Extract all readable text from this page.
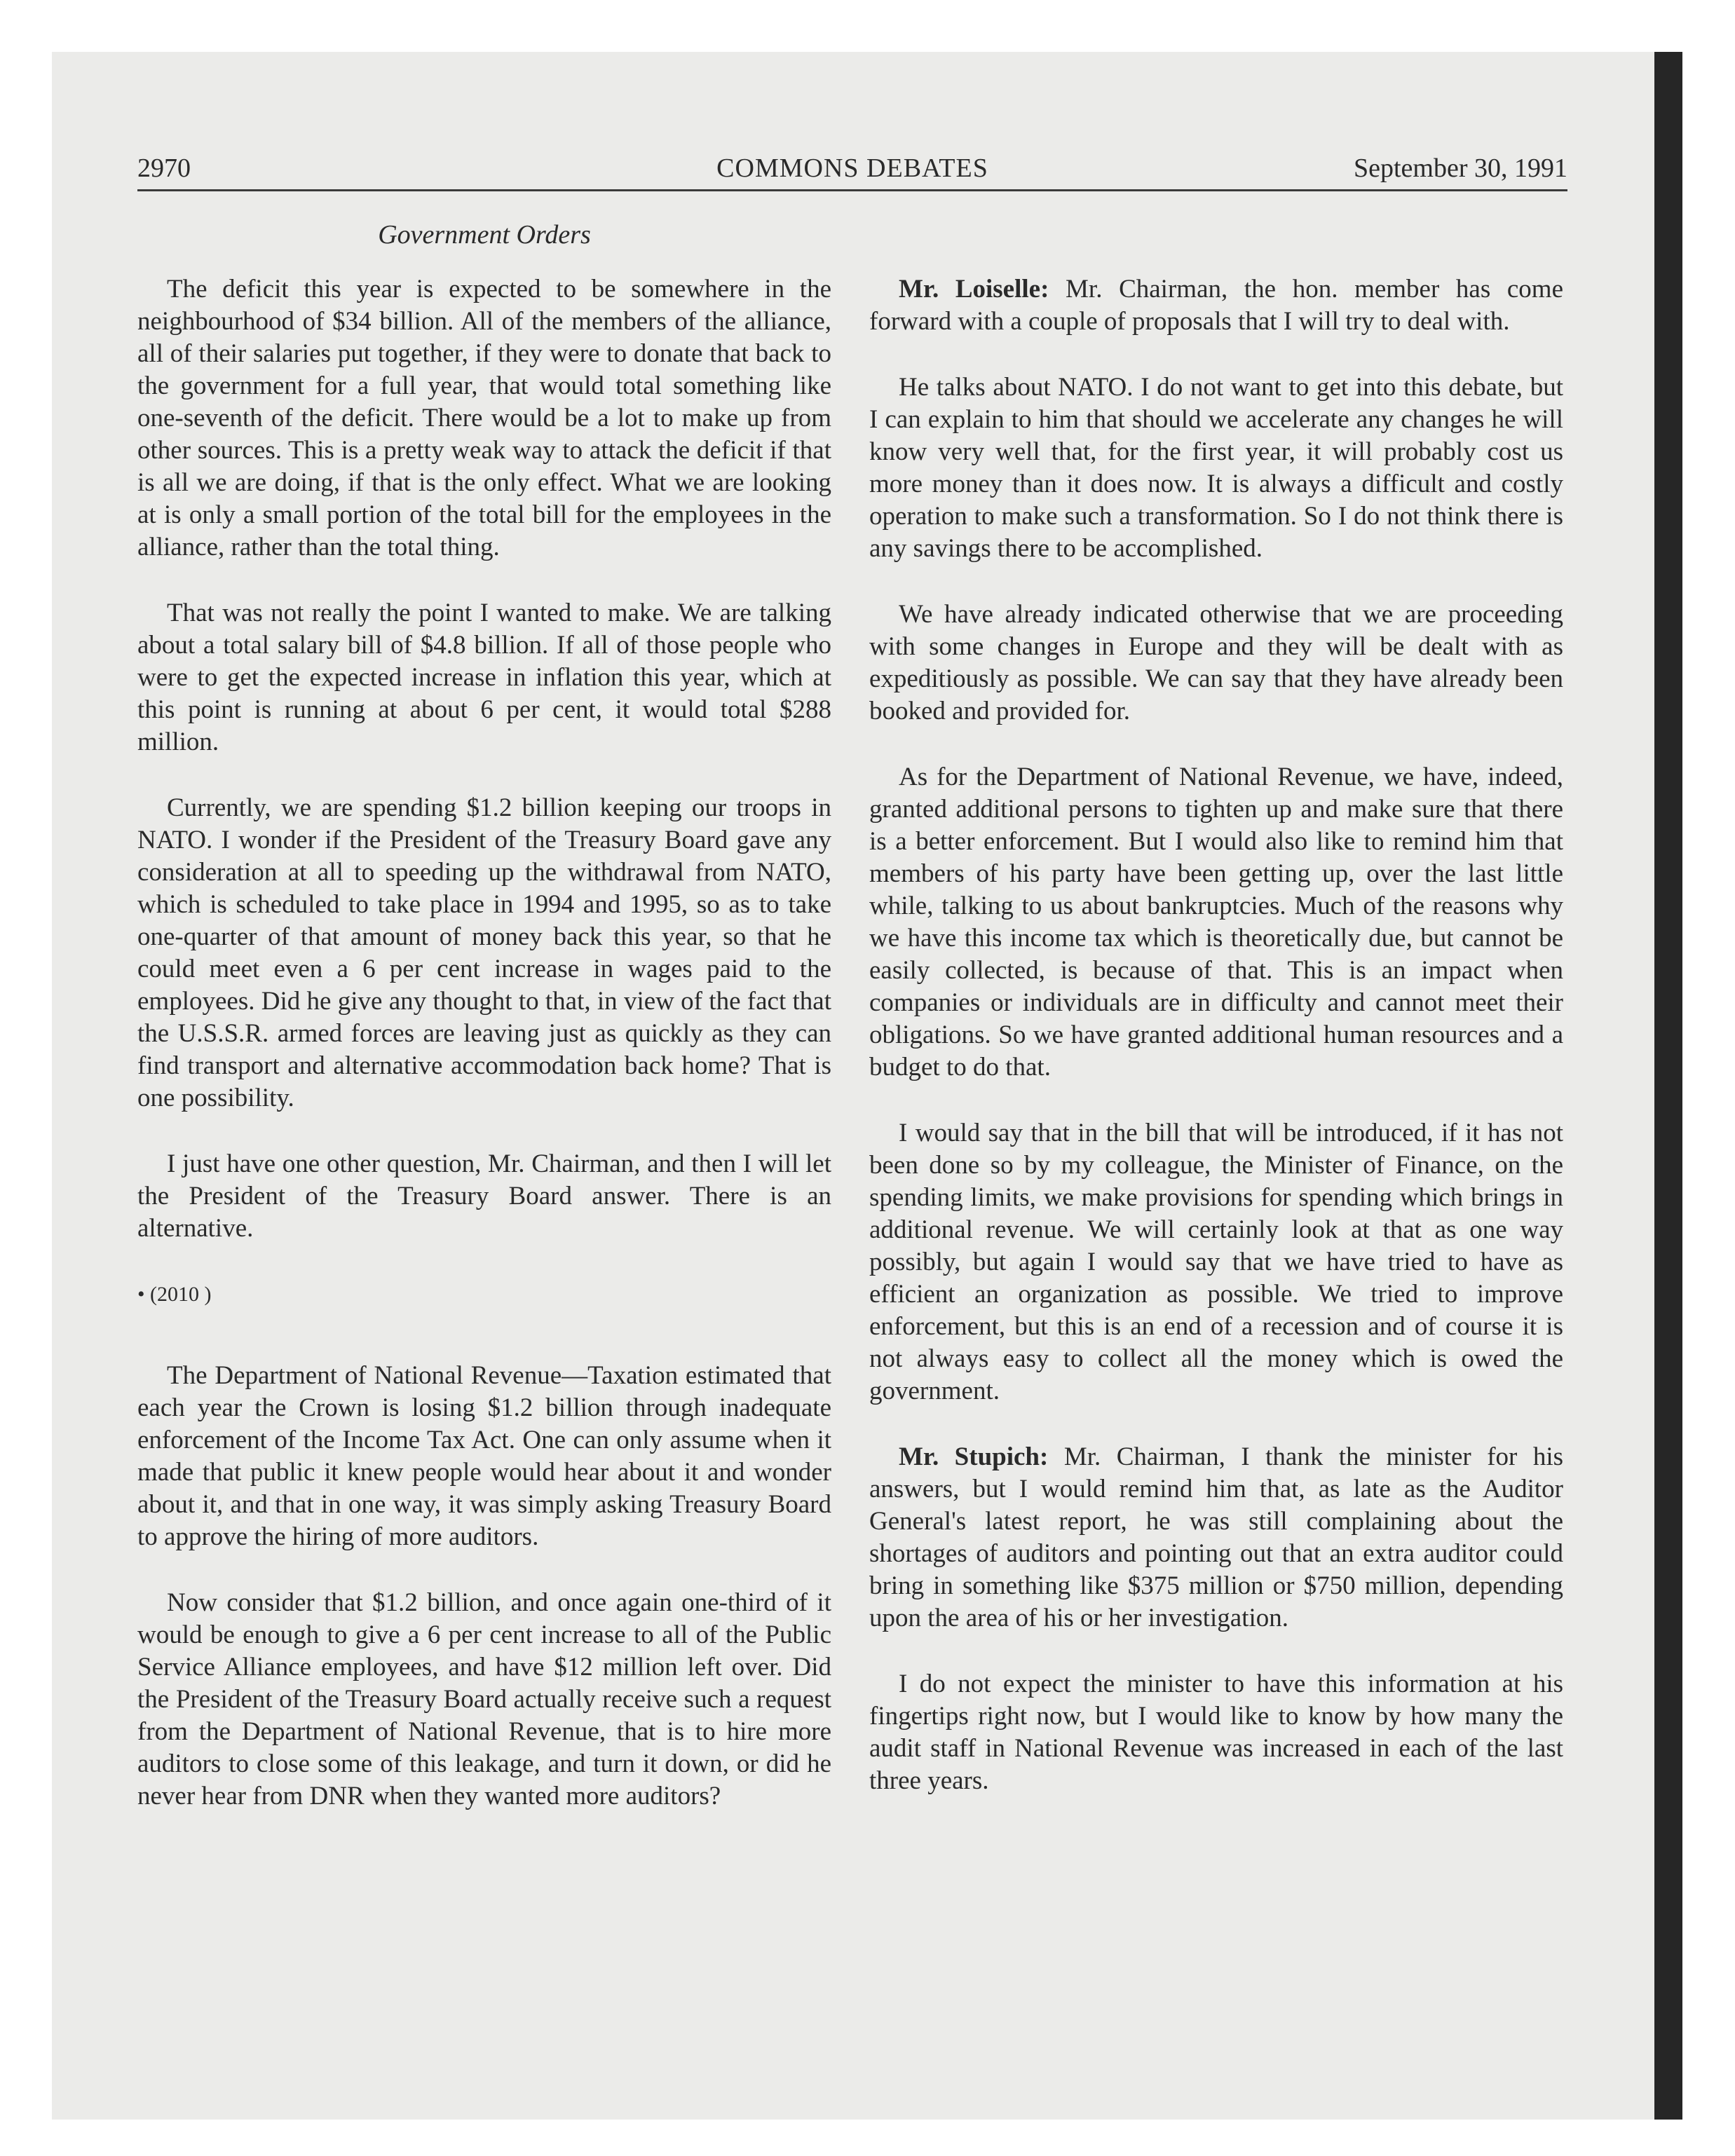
2970	COMMONS DEBATES	September 30, 1991
Government Orders

The deficit this year is expected to be somewhere in the neighbourhood of $34 billion. All of the members of the alliance, all of their salaries put together, if they were to donate that back to the government for a full year, that would total something like one-seventh of the deficit. There would be a lot to make up from other sources. This is a pretty weak way to attack the deficit if that is all we are doing, if that is the only effect. What we are looking at is only a small portion of the total bill for the employees in the alliance, rather than the total thing.

That was not really the point I wanted to make. We are talking about a total salary bill of $4.8 billion. If all of those people who were to get the expected increase in inflation this year, which at this point is running at about 6 per cent, it would total $288 million.

Currently, we are spending $1.2 billion keeping our troops in NATO. I wonder if the President of the Treasury Board gave any consideration at all to speeding up the withdrawal from NATO, which is scheduled to take place in 1994 and 1995, so as to take one-quarter of that amount of money back this year, so that he could meet even a 6 per cent increase in wages paid to the employees. Did he give any thought to that, in view of the fact that the U.S.S.R. armed forces are leaving just as quickly as they can find transport and alternative accommodation back home? That is one possibility.

I just have one other question, Mr. Chairman, and then I will let the President of the Treasury Board answer. There is an alternative.

• (2010 )

The Department of National Revenue—Taxation estimated that each year the Crown is losing $1.2 billion through inadequate enforcement of the Income Tax Act. One can only assume when it made that public it knew people would hear about it and wonder about it, and that in one way, it was simply asking Treasury Board to approve the hiring of more auditors.

Now consider that $1.2 billion, and once again one-third of it would be enough to give a 6 per cent increase to all of the Public Service Alliance employees, and have $12 million left over. Did the President of the Treasury Board actually receive such a request from the Department of National Revenue, that is to hire more auditors to close some of this leakage, and turn it down, or did he never hear from DNR when they wanted more auditors?

Mr. Loiselle: Mr. Chairman, the hon. member has come forward with a couple of proposals that I will try to deal with.

He talks about NATO. I do not want to get into this debate, but I can explain to him that should we accelerate any changes he will know very well that, for the first year, it will probably cost us more money than it does now. It is always a difficult and costly operation to make such a transformation. So I do not think there is any savings there to be accomplished.

We have already indicated otherwise that we are proceeding with some changes in Europe and they will be dealt with as expeditiously as possible. We can say that they have already been booked and provided for.

As for the Department of National Revenue, we have, indeed, granted additional persons to tighten up and make sure that there is a better enforcement. But I would also like to remind him that members of his party have been getting up, over the last little while, talking to us about bankruptcies. Much of the reasons why we have this income tax which is theoretically due, but cannot be easily collected, is because of that. This is an impact when companies or individuals are in difficulty and cannot meet their obligations. So we have granted additional human resources and a budget to do that.

I would say that in the bill that will be introduced, if it has not been done so by my colleague, the Minister of Finance, on the spending limits, we make provisions for spending which brings in additional revenue. We will certainly look at that as one way possibly, but again I would say that we have tried to have as efficient an organization as possible. We tried to improve enforcement, but this is an end of a recession and of course it is not always easy to collect all the money which is owed the government.

Mr. Stupich: Mr. Chairman, I thank the minister for his answers, but I would remind him that, as late as the Auditor General's latest report, he was still complaining about the shortages of auditors and pointing out that an extra auditor could bring in something like $375 million or $750 million, depending upon the area of his or her investigation.

I do not expect the minister to have this information at his fingertips right now, but I would like to know by how many the audit staff in National Revenue was increased in each of the last three years.
